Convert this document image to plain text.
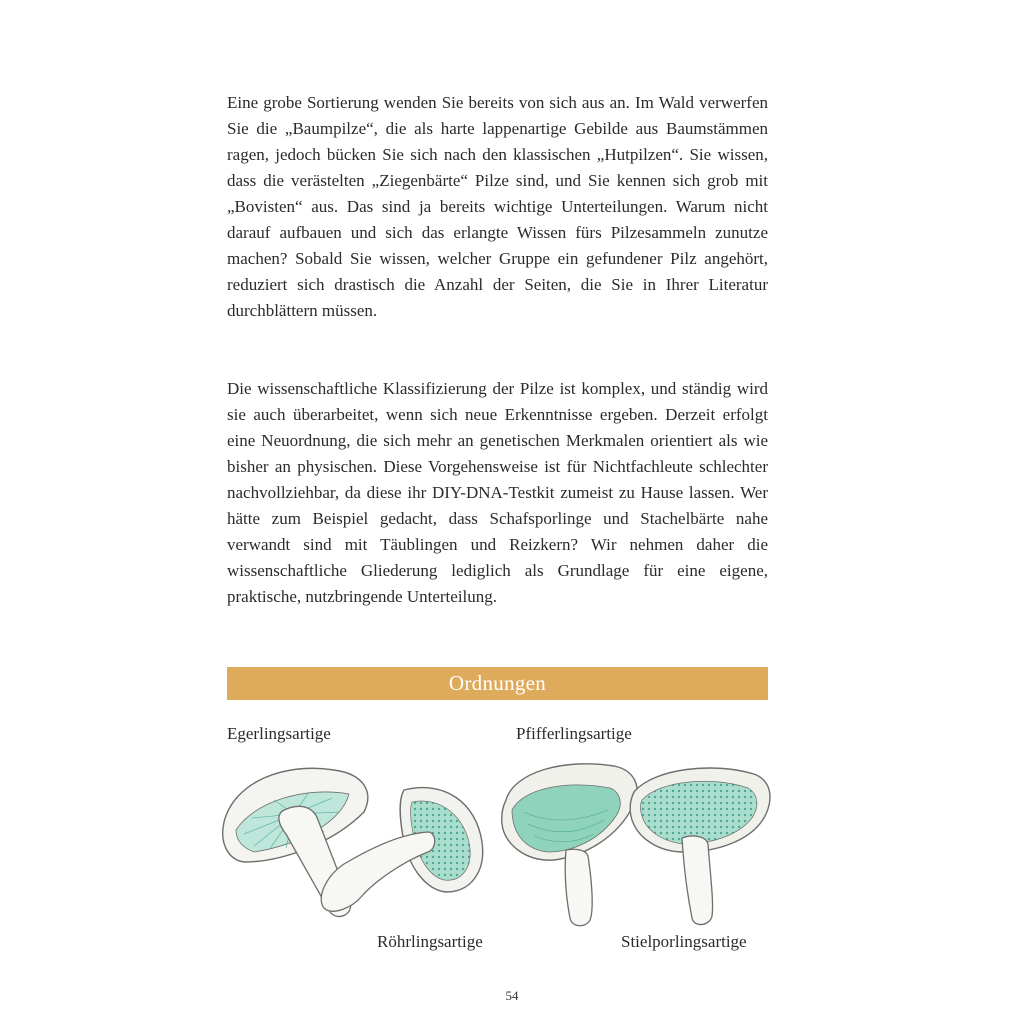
Eine grobe Sortierung wenden Sie bereits von sich aus an. Im Wald verwerfen Sie die „Baumpilze“, die als harte lappenartige Gebilde aus Baumstämmen ragen, jedoch bücken Sie sich nach den klassischen „Hutpilzen“. Sie wissen, dass die verästelten „Ziegenbärte“ Pilze sind, und Sie kennen sich grob mit „Bovisten“ aus. Das sind ja bereits wichtige Unterteilungen. Warum nicht darauf aufbauen und sich das erlangte Wissen fürs Pilzesammeln zunutze machen? Sobald Sie wissen, welcher Gruppe ein gefundener Pilz angehört, reduziert sich drastisch die Anzahl der Seiten, die Sie in Ihrer Literatur durchblättern müssen.

Die wissenschaftliche Klassifizierung der Pilze ist komplex, und ständig wird sie auch überarbeitet, wenn sich neue Erkenntnisse ergeben. Derzeit erfolgt eine Neuordnung, die sich mehr an genetischen Merkmalen orientiert als wie bisher an physischen. Diese Vorgehensweise ist für Nichtfachleute schlechter nachvollziehbar, da diese ihr DIY-DNA-Testkit zumeist zu Hause lassen. Wer hätte zum Beispiel gedacht, dass Schafsporlinge und Stachelbärte nahe verwandt sind mit Täublingen und Reizkern? Wir nehmen daher die wissenschaftliche Gliederung lediglich als Grundlage für eine eigene, praktische, nutzbringende Unterteilung.

Ordnungen
Egerlingsartige	Pfifferlingsartige
Röhrlingsartige	Stielporlingsartige
54
